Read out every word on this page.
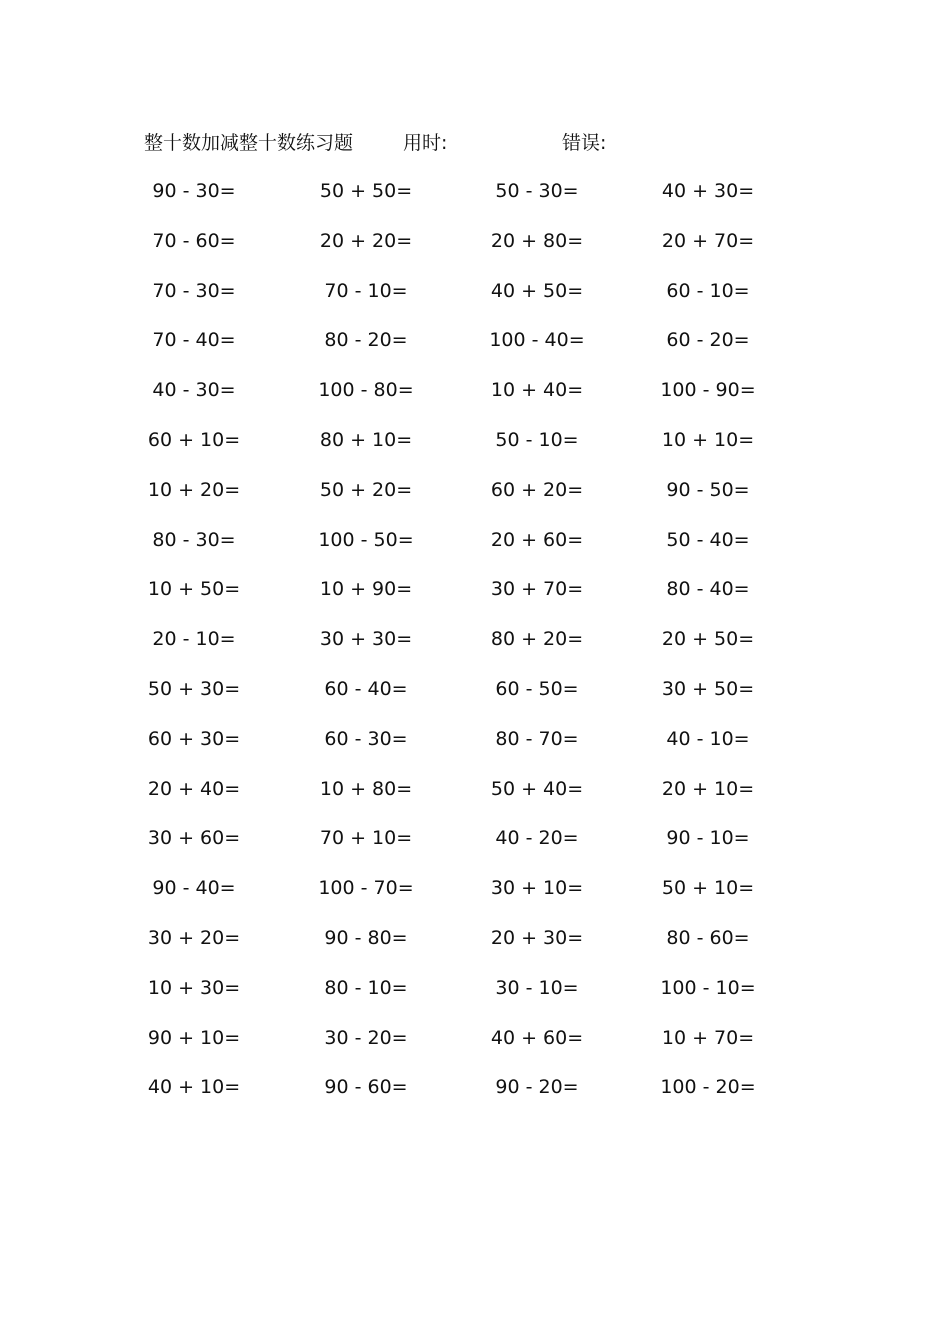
整十数加减整十数练习题	用时:	错误:
90 - 30=	50 + 50=	50 - 30=	40 + 30=
70 - 60=	20 + 20=	20 + 80=	20 + 70=
70 - 30=	70 - 10=	40 + 50=	60 - 10=
70 - 40=	80 - 20=	100 - 40=	60 - 20=
40 - 30=	100 - 80=	10 + 40=	100 - 90=
60 + 10=	80 + 10=	50 - 10=	10 + 10=
10 + 20=	50 + 20=	60 + 20=	90 - 50=
80 - 30=	100 - 50=	20 + 60=	50 - 40=
10 + 50=	10 + 90=	30 + 70=	80 - 40=
20 - 10=	30 + 30=	80 + 20=	20 + 50=
50 + 30=	60 - 40=	60 - 50=	30 + 50=
60 + 30=	60 - 30=	80 - 70=	40 - 10=
20 + 40=	10 + 80=	50 + 40=	20 + 10=
30 + 60=	70 + 10=	40 - 20=	90 - 10=
90 - 40=	100 - 70=	30 + 10=	50 + 10=
30 + 20=	90 - 80=	20 + 30=	80 - 60=
10 + 30=	80 - 10=	30 - 10=	100 - 10=
90 + 10=	30 - 20=	40 + 60=	10 + 70=
40 + 10=	90 - 60=	90 - 20=	100 - 20=
